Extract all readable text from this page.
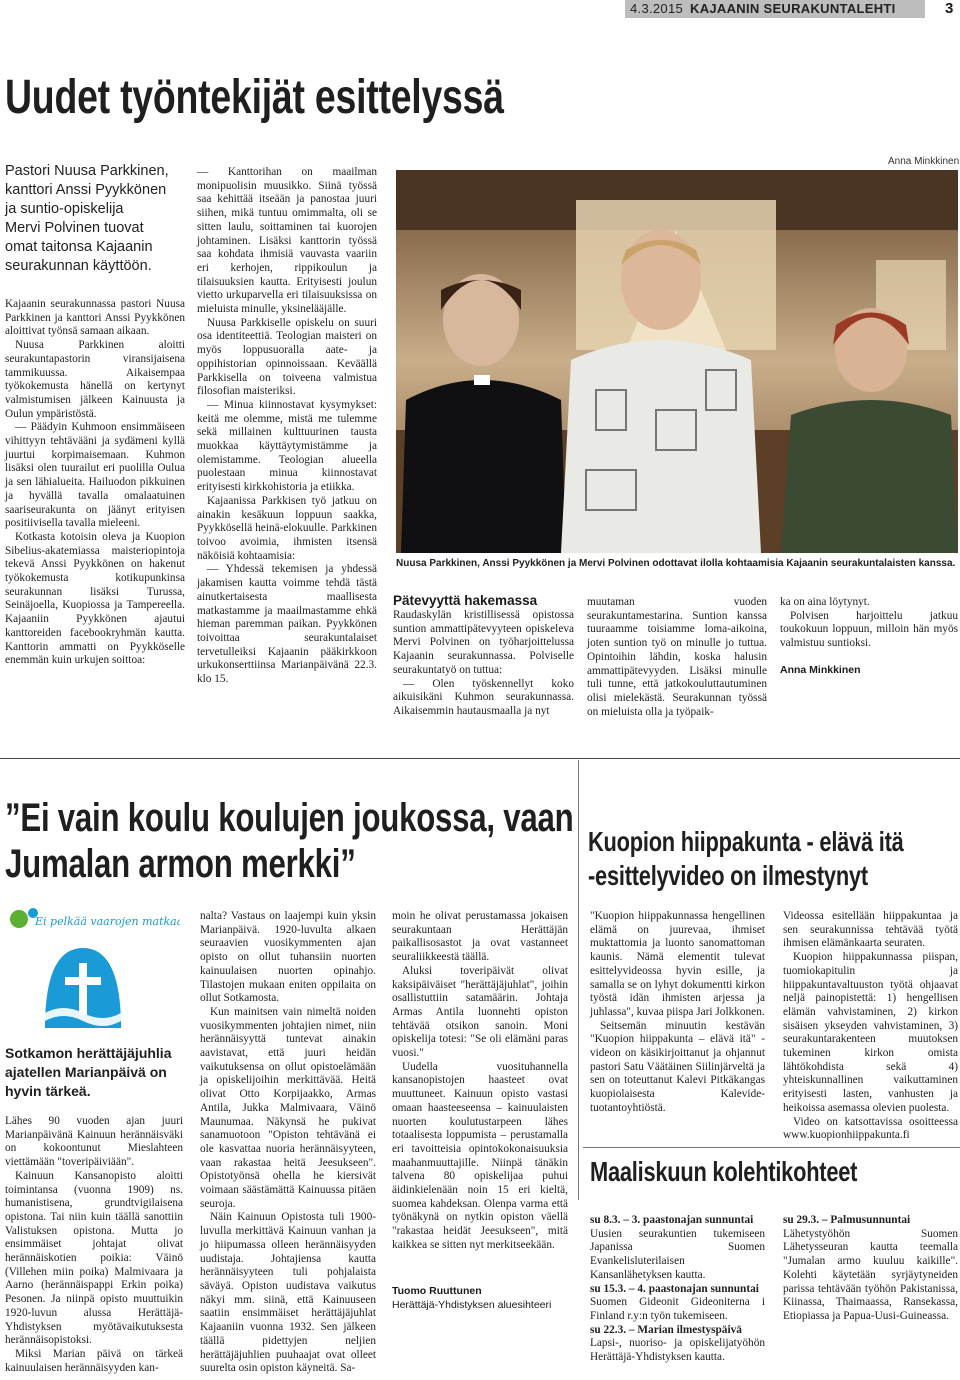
4.3.2015 KAJAANIN SEURAKUNTALEHTI	3
Uudet työntekijät esittelyssä
Pastori Nuusa Parkkinen,
kanttori Anssi Pyykkönen
ja suntio-opiskelija
Mervi Polvinen tuovat
omat taitonsa Kajaanin
seurakunnan käyttöön.

Kajaanin seurakunnassa pastori Nuusa Parkkinen ja kanttori Anssi Pyykkönen aloittivat työnsä samaan aikaan.

Nuusa Parkkinen aloitti seurakuntapastorin viransijaisena tammikuussa. Aikaisempaa työkokemusta hänellä on kertynyt valmistumisen jälkeen Kainuusta ja Oulun ympäristöstä.

— Päädyin Kuhmoon ensimmäiseen vihittyyn tehtävääni ja sydämeni kyllä juurtui korpimaisemaan. Kuhmon lisäksi olen tuurailut eri puolilla Oulua ja sen lähialueita. Hailuodon pikkuinen ja hyvällä tavalla omalaatuinen saariseurakunta on jäänyt erityisen positiivisella tavalla mieleeni.

Kotkasta kotoisin oleva ja Kuopion Sibelius-akatemiassa maisteriopintoja tekevä Anssi Pyykkönen on hakenut työkokemusta kotikupunkinsa seurakunnan lisäksi Turussa, Seinäjoella, Kuopiossa ja Tampereella. Kajaaniin Pyykkönen ajautui kanttoreiden facebookryhmän kautta. Kanttorin ammatti on Pyykköselle enemmän kuin urkujen soittoa:

— Kanttorihan on maailman monipuolisin muusikko. Siinä työssä saa kehittää itseään ja panostaa juuri siihen, mikä tuntuu omimmalta, oli se sitten laulu, soittaminen tai kuorojen johtaminen. Lisäksi kanttorin työssä saa kohdata ihmisiä vauvasta vaariin eri kerhojen, rippikoulun ja tilaisuuksien kautta. Erityisesti joulun vietto urkuparvella eri tilaisuuksissa on mieluista minulle, yksinelääjälle.

Nuusa Parkkiselle opiskelu on suuri osa identiteettiä. Teologian maisteri on myös loppusuoralla aate- ja oppihistorian opinnoissaan. Keväällä Parkkisella on toiveena valmistua filosofian maisteriksi.

— Minua kiinnostavat kysymykset: keitä me olemme, mistä me tulemme sekä millainen kulttuurinen tausta muokkaa käyttäytymistämme ja olemistamme. Teologian alueella puolestaan minua kiinnostavat erityisesti kirkkohistoria ja etiikka.

Kajaanissa Parkkisen työ jatkuu on ainakin kesäkuun loppuun saakka, Pyykkösellä heinä-elokuulle. Parkkinen toivoo avoimia, ihmisten itsensä näköisiä kohtaamisia:

— Yhdessä tekemisen ja yhdessä jakamisen kautta voimme tehdä tästä ainutkertaisesta maallisesta matkastamme ja maailmastamme ehkä hieman paremman paikan. Pyykkönen toivoittaa seurakuntalaiset tervetulleiksi Kajaanin pääkirkkoon urkukonserttiinsa Marianpäivänä 22.3. klo 15.

Anna Minkkinen
Nuusa Parkkinen, Anssi Pyykkönen ja Mervi Polvinen odottavat ilolla kohtaamisia Kajaanin seurakuntalaisten kanssa.
Pätevyyttä hakemassa

Raudaskylän kristillisessä opistossa suntion ammattipätevyyteen opiskeleva Mervi Polvinen on työharjoittelussa Kajaanin seurakunnassa. Polviselle seurakuntatyö on tuttua:

— Olen työskennellyt koko aikuisikäni Kuhmon seurakunnassa. Aikaisemmin hautausmaalla ja nyt

muutaman vuoden seurakuntamestarina. Suntion kanssa tuuraamme toisiamme loma-aikoina, joten suntion työ on minulle jo tuttua. Opintoihin lähdin, koska halusin ammattipätevyyden. Lisäksi minulle tuli tunne, että jatkokouluttautuminen olisi mielekästä. Seurakunnan työssä on mieluista olla ja työpaik-

ka on aina löytynyt.

Polvisen harjoittelu jatkuu toukokuun loppuun, milloin hän myös valmistuu suntioksi.

Anna Minkkinen
”Ei vain koulu koulujen joukossa, vaan
Jumalan armon merkki”
Ei pelkää vaarojen matkaa
Sotkamon herättäjäjuhlia
ajatellen Marianpäivä on
hyvin tärkeä.

Lähes 90 vuoden ajan juuri Marianpäivänä Kainuun herännäisväki on kokoontunut Mieslahteen viettämään "toveripäiviään".

Kainuun Kansanopisto aloitti toimintansa (vuonna 1909) ns. humanistisena, grundtvigilaisena opistona. Tai niin kuin täällä sanottiin Valistuksen opistona. Mutta jo ensimmäiset johtajat olivat herännäiskotien poikia: Väinö (Villehen miin poika) Malmivaara ja Aarno (herännäispappi Erkin poika) Pesonen. Ja niinpä opisto muuttuikin 1920-luvun alussa Herättäjä-Yhdistyksen myötävaikutuksesta herännäisopistoksi.

Miksi Marian päivä on tärkeä kainuulaisen herännäisyyden kan-

nalta? Vastaus on laajempi kuin yksin Marianpäivä. 1920-luvulta alkaen seuraavien vuosikymmenten ajan opisto on ollut tuhansiin nuorten kainuulaisen nuorten opinahjo. Tilastojen mukaan eniten oppilaita on ollut Sotkamosta.

Kun mainitsen vain nimeltä noiden vuosikymmenten johtajien nimet, niin herännäisyyttä tuntevat ainakin aavistavat, että juuri heidän vaikutuksensa on ollut opistoelämään ja opiskelijoihin merkittävää. Heitä olivat Otto Korpijaakko, Armas Antila, Jukka Malmivaara, Väinö Maunumaa. Näkynsä he pukivat sanamuotoon "Opiston tehtävänä ei ole kasvattaa nuoria herännäisyyteen, vaan rakastaa heitä Jeesukseen". Opistotyönsä ohella he kiersivät voimaan säästämättä Kainuussa pitäen seuroja.

Näin Kainuun Opistosta tuli 1900-luvulla merkittävä Kainuun vanhan ja jo hiipumassa olleen herännäisyyden uudistaja. Johtajiensa kautta herännäisyyteen tuli pohjalaista säväyä. Opiston uudistava vaikutus näkyi mm. siinä, että Kainuuseen saatiin ensimmäiset herättäjäjuhlat Kajaaniin vuonna 1932. Sen jälkeen täällä pidettyjen neljien herättäjäjuhlien puuhaajat ovat olleet suurelta osin opiston käyneitä. Sa-

moin he olivat perustamassa jokaisen seurakuntaan Herättäjän paikallisosastot ja ovat vastanneet seuraliikkeestä täällä.

Aluksi toveripäivät olivat kaksipäiväiset "herättäjäjuhlat", joihin osallistuttiin satamäärin. Johtaja Armas Antila luonnehti opiston tehtävää otsikon sanoin. Moni opiskelija totesi: "Se oli elämäni paras vuosi."

Uudella vuosituhannella kansanopistojen haasteet ovat muuttuneet. Kainuun opisto vastasi omaan haasteeseensa – kainuulaisten nuorten koulutustarpeen lähes totaalisesta loppumista – perustamalla eri tavoitteisia opintokokonaisuuksia maahanmuuttajille. Niinpä tänäkin talvena 80 opiskelijaa puhui äidinkielenään noin 15 eri kieltä, suomea kahdeksan. Olenpa varma että työnäkynä on nytkin opiston väellä "rakastaa heidät Jeesukseen", mitä kaikkea se sitten nyt merkitseekään.

Tuomo Ruuttunen
Herättäjä-Yhdistyksen aluesihteeri
Kuopion hiippakunta - elävä itä
-esittelyvideo on ilmestynyt

"Kuopion hiippakunnassa hengellinen elämä on juurevaa, ihmiset muktattomia ja luonto sanomattoman kaunis. Nämä elementit tulevat esittelyvideossa hyvin esille, ja samalla se on lyhyt dokumentti kirkon työstä idän ihmisten arjessa ja juhlassa", kuvaa piispa Jari Jolkkonen.

Seitsemän minuutin kestävän "Kuopion hiippakunta – elävä itä" -videon on käsikirjoittanut ja ohjannut pastori Satu Väätäinen Siilinjärveltä ja sen on toteuttanut Kalevi Pitkäkangas kuopiolaisesta Kalevide-tuotantoyhtiöstä.

Videossa esitellään hiippakuntaa ja sen seurakunnissa tehtävää työtä ihmisen elämänkaarta seuraten.

Kuopion hiippakunnassa piispan, tuomiokapitulin ja hiippakuntavaltuuston työtä ohjaavat neljä painopistettä: 1) hengellisen elämän vahvistaminen, 2) kirkon sisäisen ykseyden vahvistaminen, 3) seurakuntarakenteen muutoksen tukeminen kirkon omista lähtökohdista sekä 4) yhteiskunnallinen vaikuttaminen erityisesti lasten, vanhusten ja heikoissa asemassa olevien puolesta.

Video on katsottavissa osoitteessa www.kuopionhiippakunta.fi

Maaliskuun kolehtikohteet
su 8.3. – 3. paastonajan sunnuntai
Uusien seurakuntien tukemiseen Japanissa Suomen Evankelisluterilaisen Kansanlähetyksen kautta.
su 15.3. – 4. paastonajan sunnuntai
Suomen Gideonit Gideoniterna i Finland r.y:n työn tukemiseen.
su 22.3. – Marian ilmestyspäivä
Lapsi-, nuoriso- ja opiskelijatyöhön Herättäjä-Yhdistyksen kautta.
su 29.3. – Palmusunnuntai
Lähetystyöhön Suomen Lähetysseuran kautta teemalla "Jumalan armo kuuluu kaikille". Kolehti käytetään syrjäytyneiden parissa tehtävään työhön Pakistanissa, Kiinassa, Thaimaassa, Ransekassa, Etiopiassa ja Papua-Uusi-Guineassa.
